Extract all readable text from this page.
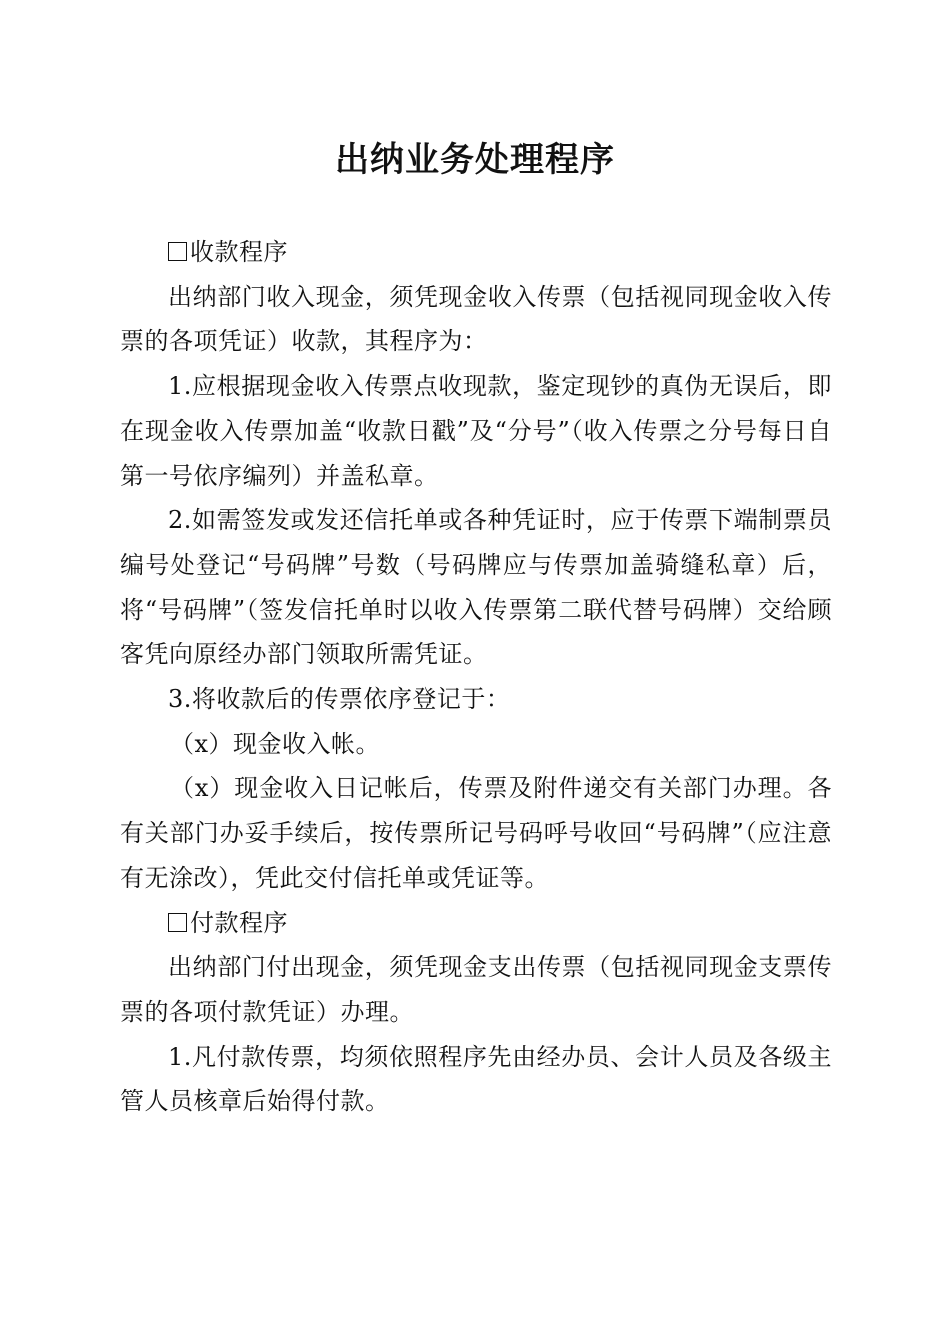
出纳业务处理程序

收款程序

出纳部门收入现金，须凭现金收入传票（包括视同现金收入传票的各项凭证）收款，其程序为：

1.应根据现金收入传票点收现款，鉴定现钞的真伪无误后，即在现金收入传票加盖“收款日戳”及“分号”（收入传票之分号每日自第一号依序编列）并盖私章。

2.如需签发或发还信托单或各种凭证时，应于传票下端制票员编号处登记“号码牌”号数（号码牌应与传票加盖骑缝私章）后，将“号码牌”（签发信托单时以收入传票第二联代替号码牌）交给顾客凭向原经办部门领取所需凭证。

3.将收款后的传票依序登记于：

（x）现金收入帐。

（x）现金收入日记帐后，传票及附件递交有关部门办理。各有关部门办妥手续后，按传票所记号码呼号收回“号码牌”（应注意有无涂改），凭此交付信托单或凭证等。

付款程序

出纳部门付出现金，须凭现金支出传票（包括视同现金支票传票的各项付款凭证）办理。

1.凡付款传票，均须依照程序先由经办员、会计人员及各级主管人员核章后始得付款。
